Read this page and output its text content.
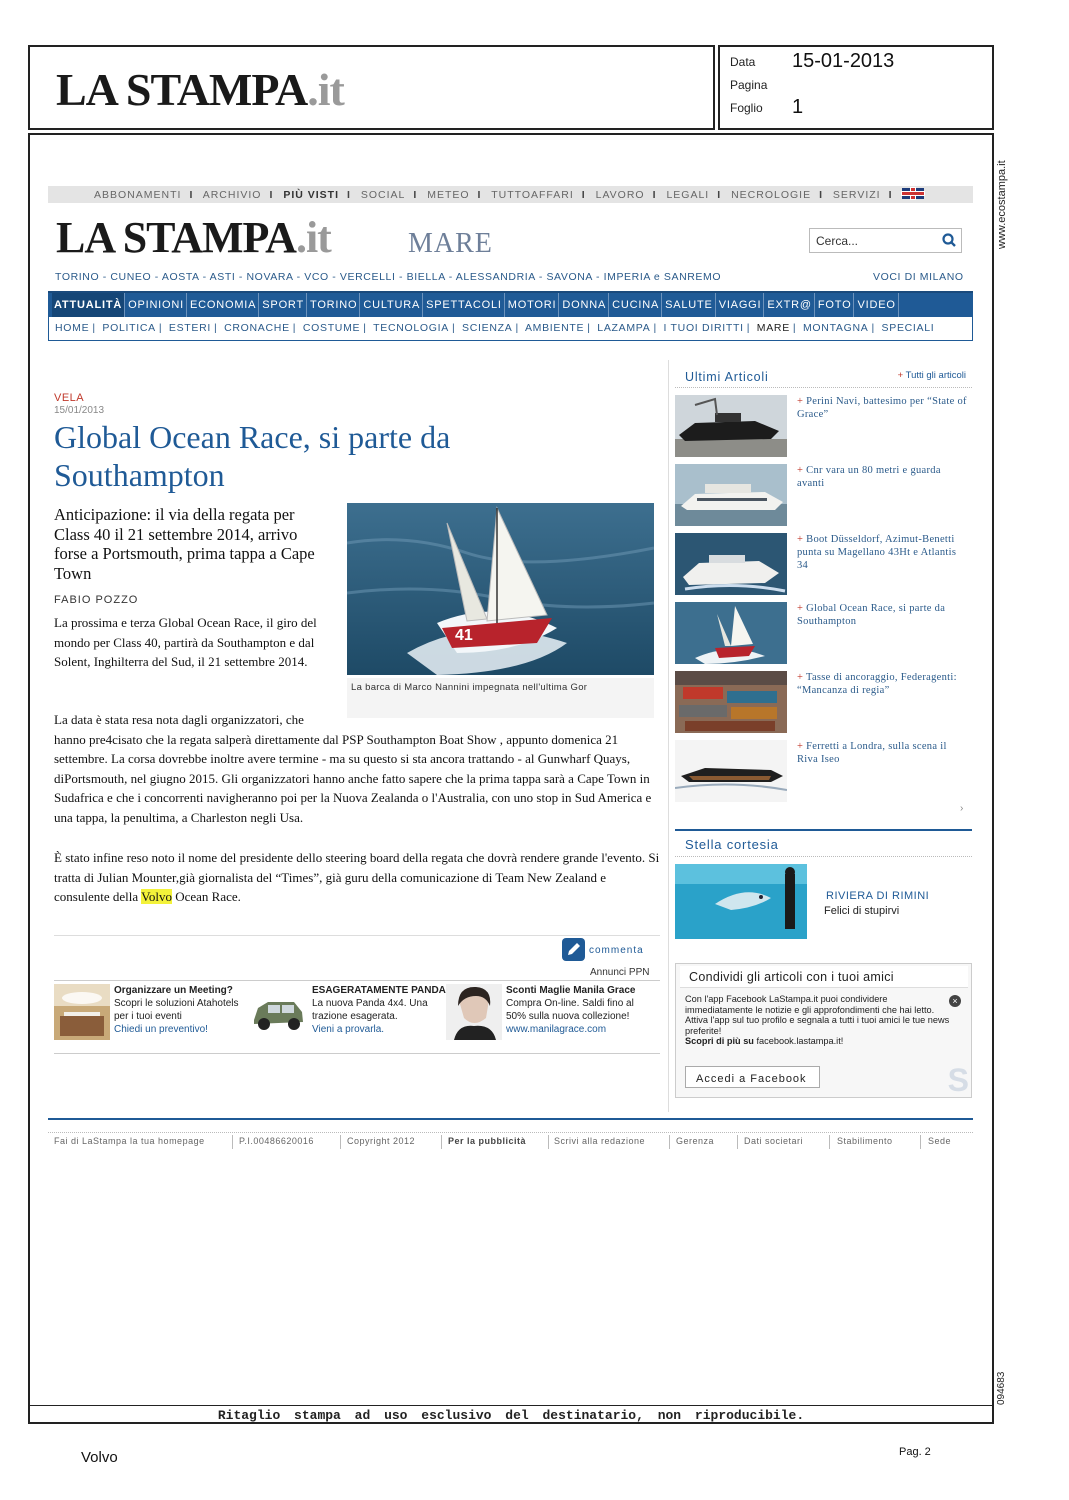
LA STAMPA.it
Data 15-01-2013
Pagina
Foglio 1
www.ecostampa.it
094683
ABBONAMENTI I ARCHIVIO I PIÙ VISTI I SOCIAL I METEO I TUTTOAFFARI I LAVORO I LEGALI I NECROLOGIE I SERVIZI I
LA STAMPA.it	MARE
Cerca...
TORINO - CUNEO - AOSTA - ASTI - NOVARA - VCO - VERCELLI - BIELLA - ALESSANDRIA - SAVONA - IMPERIA e SANREMO	VOCI DI MILANO
ATTUALITÀ OPINIONI ECONOMIA SPORT TORINO CULTURA SPETTACOLI MOTORI DONNA CUCINA SALUTE VIAGGI EXTR@ FOTO VIDEO
HOME | POLITICA | ESTERI | CRONACHE | COSTUME | TECNOLOGIA | SCIENZA | AMBIENTE | LAZAMPA | I TUOI DIRITTI | MARE | MONTAGNA | SPECIALI
VELA
15/01/2013
Global Ocean Race, si parte da Southampton
Anticipazione: il via della regata per Class 40 il 21 settembre 2014, arrivo forse a Portsmouth, prima tappa a Cape Town
FABIO POZZO
La prossima e terza Global Ocean Race, il giro del mondo per Class 40, partirà da Southampton e dal Solent, Inghilterra del Sud, il 21 settembre 2014.
41
La barca di Marco Nannini impegnata nell'ultima Gor
La data è stata resa nota dagli organizzatori, che
hanno pre4cisato che la regata salperà direttamente dal PSP Southampton Boat Show , appunto domenica 21 settembre. La corsa dovrebbe inoltre avere termine - ma su questo si sta ancora trattando - al Gunwharf Quays, diPortsmouth, nel giugno 2015. Gli organizzatori hanno anche fatto sapere che la prima tappa sarà a Cape Town in Sudafrica e che i concorrenti navigheranno poi per la Nuova Zealanda o l'Australia, con uno stop in Sud America e una tappa, la penultima, a Charleston negli Usa.
È stato infine reso noto il nome del presidente dello steering board della regata che dovrà rendere grande l'evento. Si tratta di Julian Mounter,già giornalista del “Times”, già guru della comunicazione di Team New Zealand e consulente della Volvo Ocean Race.
commenta
Annunci PPN
Organizzare un Meeting?
Scopri le soluzioni Atahotels per i tuoi eventi
Chiedi un preventivo!
ESAGERATAMENTE PANDA
La nuova Panda 4x4. Una trazione esagerata.
Vieni a provarla.
Sconti Maglie Manila Grace
Compra On-line. Saldi fino al 50% sulla nuova collezione!
www.manilagrace.com
Ultimi Articoli	+ Tutti gli articoli
+ Perini Navi, battesimo per “State of Grace”
+ Cnr vara un 80 metri e guarda avanti
+ Boot Düsseldorf, Azimut-Benetti punta su Magellano 43Ht e Atlantis 34
+ Global Ocean Race, si parte da Southampton
+ Tasse di ancoraggio, Federagenti: “Mancanza di regia”
+ Ferretti a Londra, sulla scena il Riva Iseo
›
Stella cortesia
RIVIERA DI RIMINI
Felici di stupirvi
Condividi gli articoli con i tuoi amici
×
Con l'app Facebook LaStampa.it puoi condividere immediatamente le notizie e gli approfondimenti che hai letto.
Attiva l'app sul tuo profilo e segnala a tutti i tuoi amici le tue news preferite!
Scopri di più su facebook.lastampa.it!
Accedi a Facebook	S
Fai di LaStampa la tua homepage	P.I.00486620016	Copyright 2012	Per la pubblicità	Scrivi alla redazione	Gerenza	Dati societari	Stabilimento	Sede
Ritaglio stampa ad uso esclusivo del destinatario, non riproducibile.
Volvo	Pag. 2
